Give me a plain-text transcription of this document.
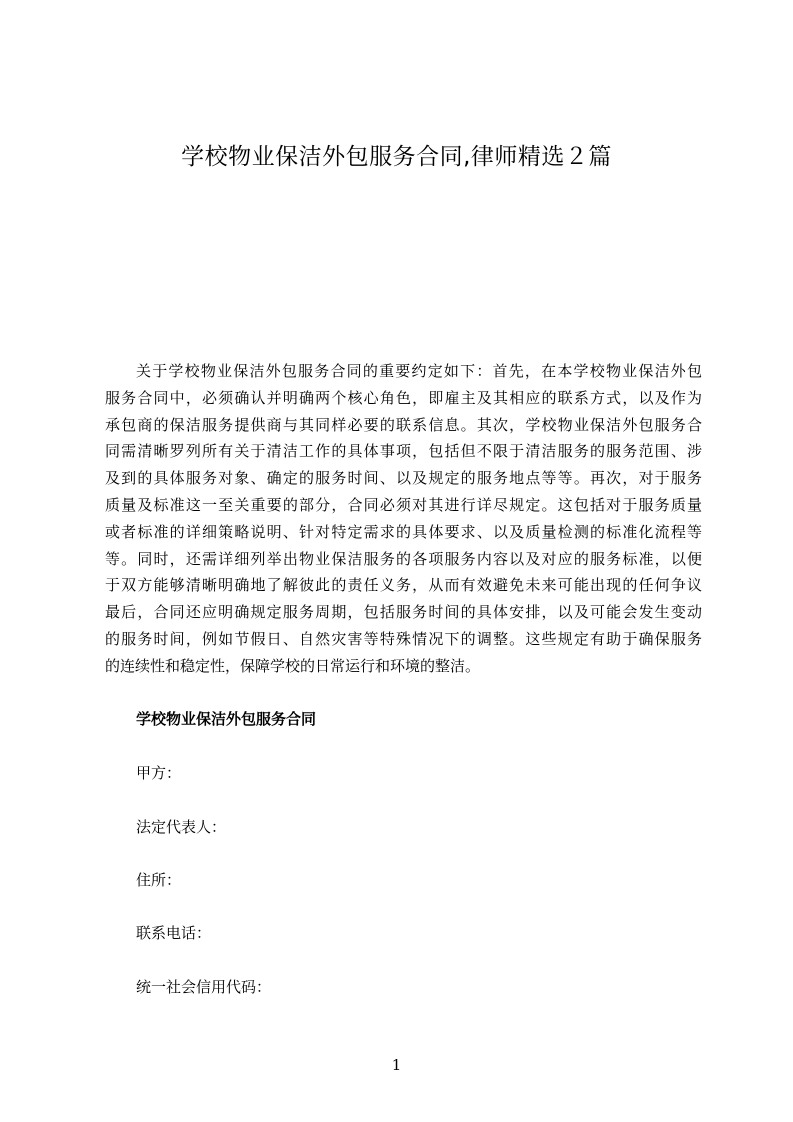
学校物业保洁外包服务合同,律师精选２篇
关于学校物业保洁外包服务合同的重要约定如下：首先，在本学校物业保洁外包
服务合同中，必须确认并明确两个核心角色，即雇主及其相应的联系方式，以及作为
承包商的保洁服务提供商与其同样必要的联系信息。其次，学校物业保洁外包服务合
同需清晰罗列所有关于清洁工作的具体事项，包括但不限于清洁服务的服务范围、涉
及到的具体服务对象、确定的服务时间、以及规定的服务地点等等。再次，对于服务
质量及标准这一至关重要的部分，合同必须对其进行详尽规定。这包括对于服务质量
或者标准的详细策略说明、针对特定需求的具体要求、以及质量检测的标准化流程等
等。同时，还需详细列举出物业保洁服务的各项服务内容以及对应的服务标准，以便
于双方能够清晰明确地了解彼此的责任义务，从而有效避免未来可能出现的任何争议
最后，合同还应明确规定服务周期，包括服务时间的具体安排，以及可能会发生变动
的服务时间，例如节假日、自然灾害等特殊情况下的调整。这些规定有助于确保服务
的连续性和稳定性，保障学校的日常运行和环境的整洁。
学校物业保洁外包服务合同
甲方：
法定代表人：
住所：
联系电话：
统一社会信用代码：
1
